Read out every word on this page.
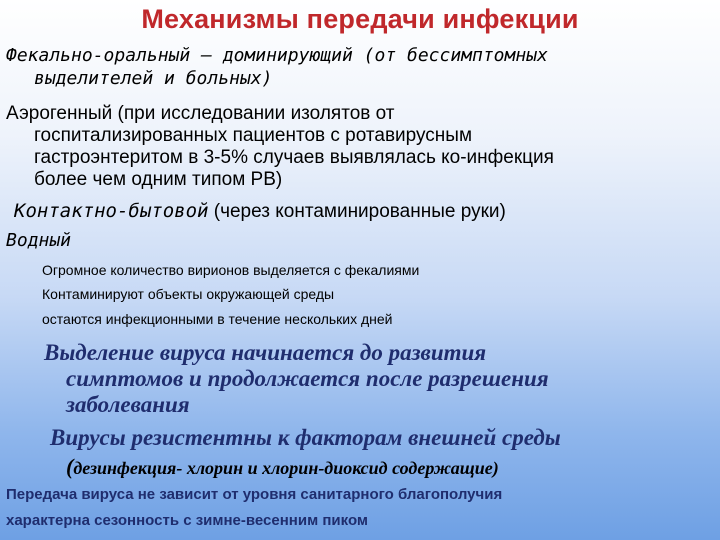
Механизмы передачи инфекции
Фекально-оральный – доминирующий (от бессимптомных
выделителей и больных)
Аэрогенный (при исследовании изолятов от
госпитализированных пациентов с ротавирусным
гастроэнтеритом в 3-5% случаев выявлялась ко-инфекция
более чем одним типом РВ)
Контактно-бытовой (через контаминированные руки)
Водный
Огромное количество вирионов выделяется с фекалиями
Контаминируют объекты окружающей среды
остаются инфекционными в течение нескольких дней
Выделение вируса начинается до развития
симптомов и продолжается после разрешения
заболевания
Вирусы резистентны к факторам внешней среды
(дезинфекция- хлорин и хлорин-диоксид содержащие)
Передача вируса не зависит от уровня санитарного благополучия
характерна сезонность с зимне-весенним пиком
